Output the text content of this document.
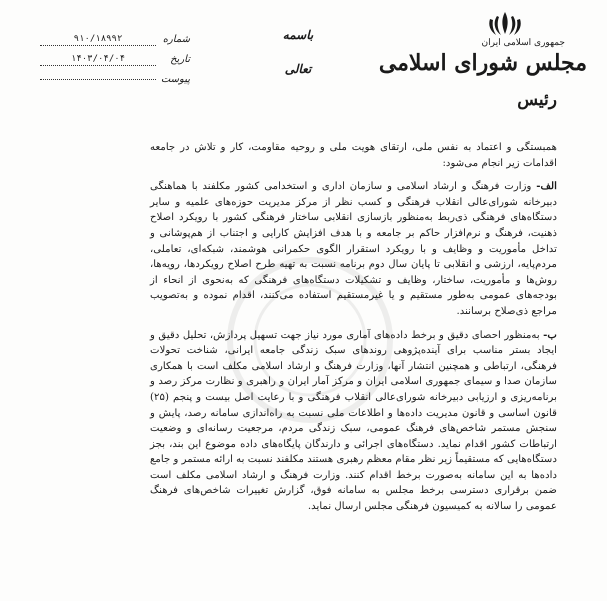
جمهوری اسلامی ایران
مجلس شورای اسلامی
رئیس
باسمه تعالی
شماره
۹۱۰/۱۸۹۹۲
تاریخ
۱۴۰۳/۰۴/۰۴
پیوست

همبستگی و اعتماد به نفس ملی، ارتقای هویت ملی و روحیه مقاومت، کار و تلاش در جامعه اقدامات زیر انجام می‌شود:

الف- وزارت فرهنگ و ارشاد اسلامی و سازمان اداری و استخدامی کشور مکلفند با هماهنگی دبیرخانه شورای‌عالی انقلاب فرهنگی و کسب نظر از مرکز مدیریت حوزه‌های علمیه و سایر دستگاه‌های فرهنگی ذی‌ربط به‌منظور بازسازی انقلابی ساختار فرهنگی کشور با رویکرد اصلاح ذهنیت، فرهنگ و نرم‌افزار حاکم بر جامعه و با هدف افزایش کارایی و اجتناب از هم‌پوشانی و تداخل مأموریت و وظایف و با رویکرد استقرار الگوی حکمرانی هوشمند، شبکه‌ای، تعاملی، مردم‌پایه، ارزشی و انقلابی تا پایان سال دوم برنامه نسبت به تهیه طرح اصلاح رویکردها، رویه‌ها، روش‌ها و مأموریت، ساختار، وظایف و تشکیلات دستگاه‌های فرهنگی که به‌نحوی از انحاء از بودجه‌های عمومی به‌طور مستقیم و یا غیرمستقیم استفاده می‌کنند، اقدام نموده و به‌تصویب مراجع ذی‌صلاح برسانند.

ب- به‌منظور احصای دقیق و برخط داده‌های آماری مورد نیاز جهت تسهیل پردازش، تحلیل دقیق و ایجاد بستر مناسب برای آینده‌پژوهی روندهای سبک زندگی جامعه ایرانی، شناخت تحولات فرهنگی، ارتباطی و همچنین انتشار آنها، وزارت فرهنگ و ارشاد اسلامی مکلف است با همکاری سازمان صدا و سیمای جمهوری اسلامی ایران و مرکز آمار ایران و راهبری و نظارت مرکز رصد و برنامه‌ریزی و ارزیابی دبیرخانه شورای‌عالی انقلاب فرهنگی و با رعایت اصل بیست و پنجم (۲۵) قانون اساسی و قانون مدیریت داده‌ها و اطلاعات ملی نسبت به راه‌اندازی سامانه رصد، پایش و سنجش مستمر شاخص‌های فرهنگ عمومی، سبک زندگی مردم، مرجعیت رسانه‌ای و وضعیت ارتباطات کشور اقدام نماید. دستگاه‌های اجرائی و دارندگان پایگاه‌های داده موضوع این بند، بجز دستگاه‌هایی که مستقیماً زیر نظر مقام معظم رهبری هستند مکلفند نسبت به ارائه مستمر و جامع داده‌ها به این سامانه به‌صورت برخط اقدام کنند. وزارت فرهنگ و ارشاد اسلامی مکلف است ضمن برقراری دسترسی برخط مجلس به سامانه فوق، گزارش تغییرات شاخص‌های فرهنگ عمومی را سالانه به کمیسیون فرهنگی مجلس ارسال نماید.
